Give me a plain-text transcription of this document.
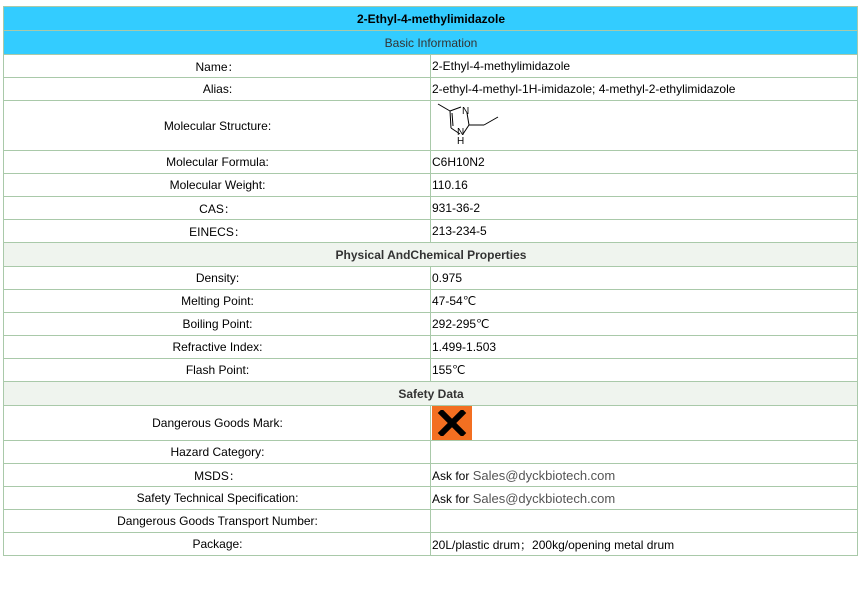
2-Ethyl-4-methylimidazole	
Basic Information	
Name：	2-Ethyl-4-methylimidazole
Alias:	2-ethyl-4-methyl-1H-imidazole; 4-methyl-2-ethylimidazole
Molecular Structure:	N
H
N

Molecular Formula:	C6H10N2
Molecular Weight:	110.16
CAS：	931-36-2
EINECS：	213-234-5
Physical AndChemical Properties	
Density:	0.975
Melting Point:	47-54℃
Boiling Point:	292-295℃
Refractive Index:	1.499-1.503
Flash Point:	155℃
Safety Data	
Dangerous Goods Mark:	

Hazard Category:	
MSDS：	Ask for Sales@dyckbiotech.com
Safety Technical Specification:	Ask for Sales@dyckbiotech.com
Dangerous Goods Transport Number:	
Package:	20L/plastic drum；200kg/opening metal drum
